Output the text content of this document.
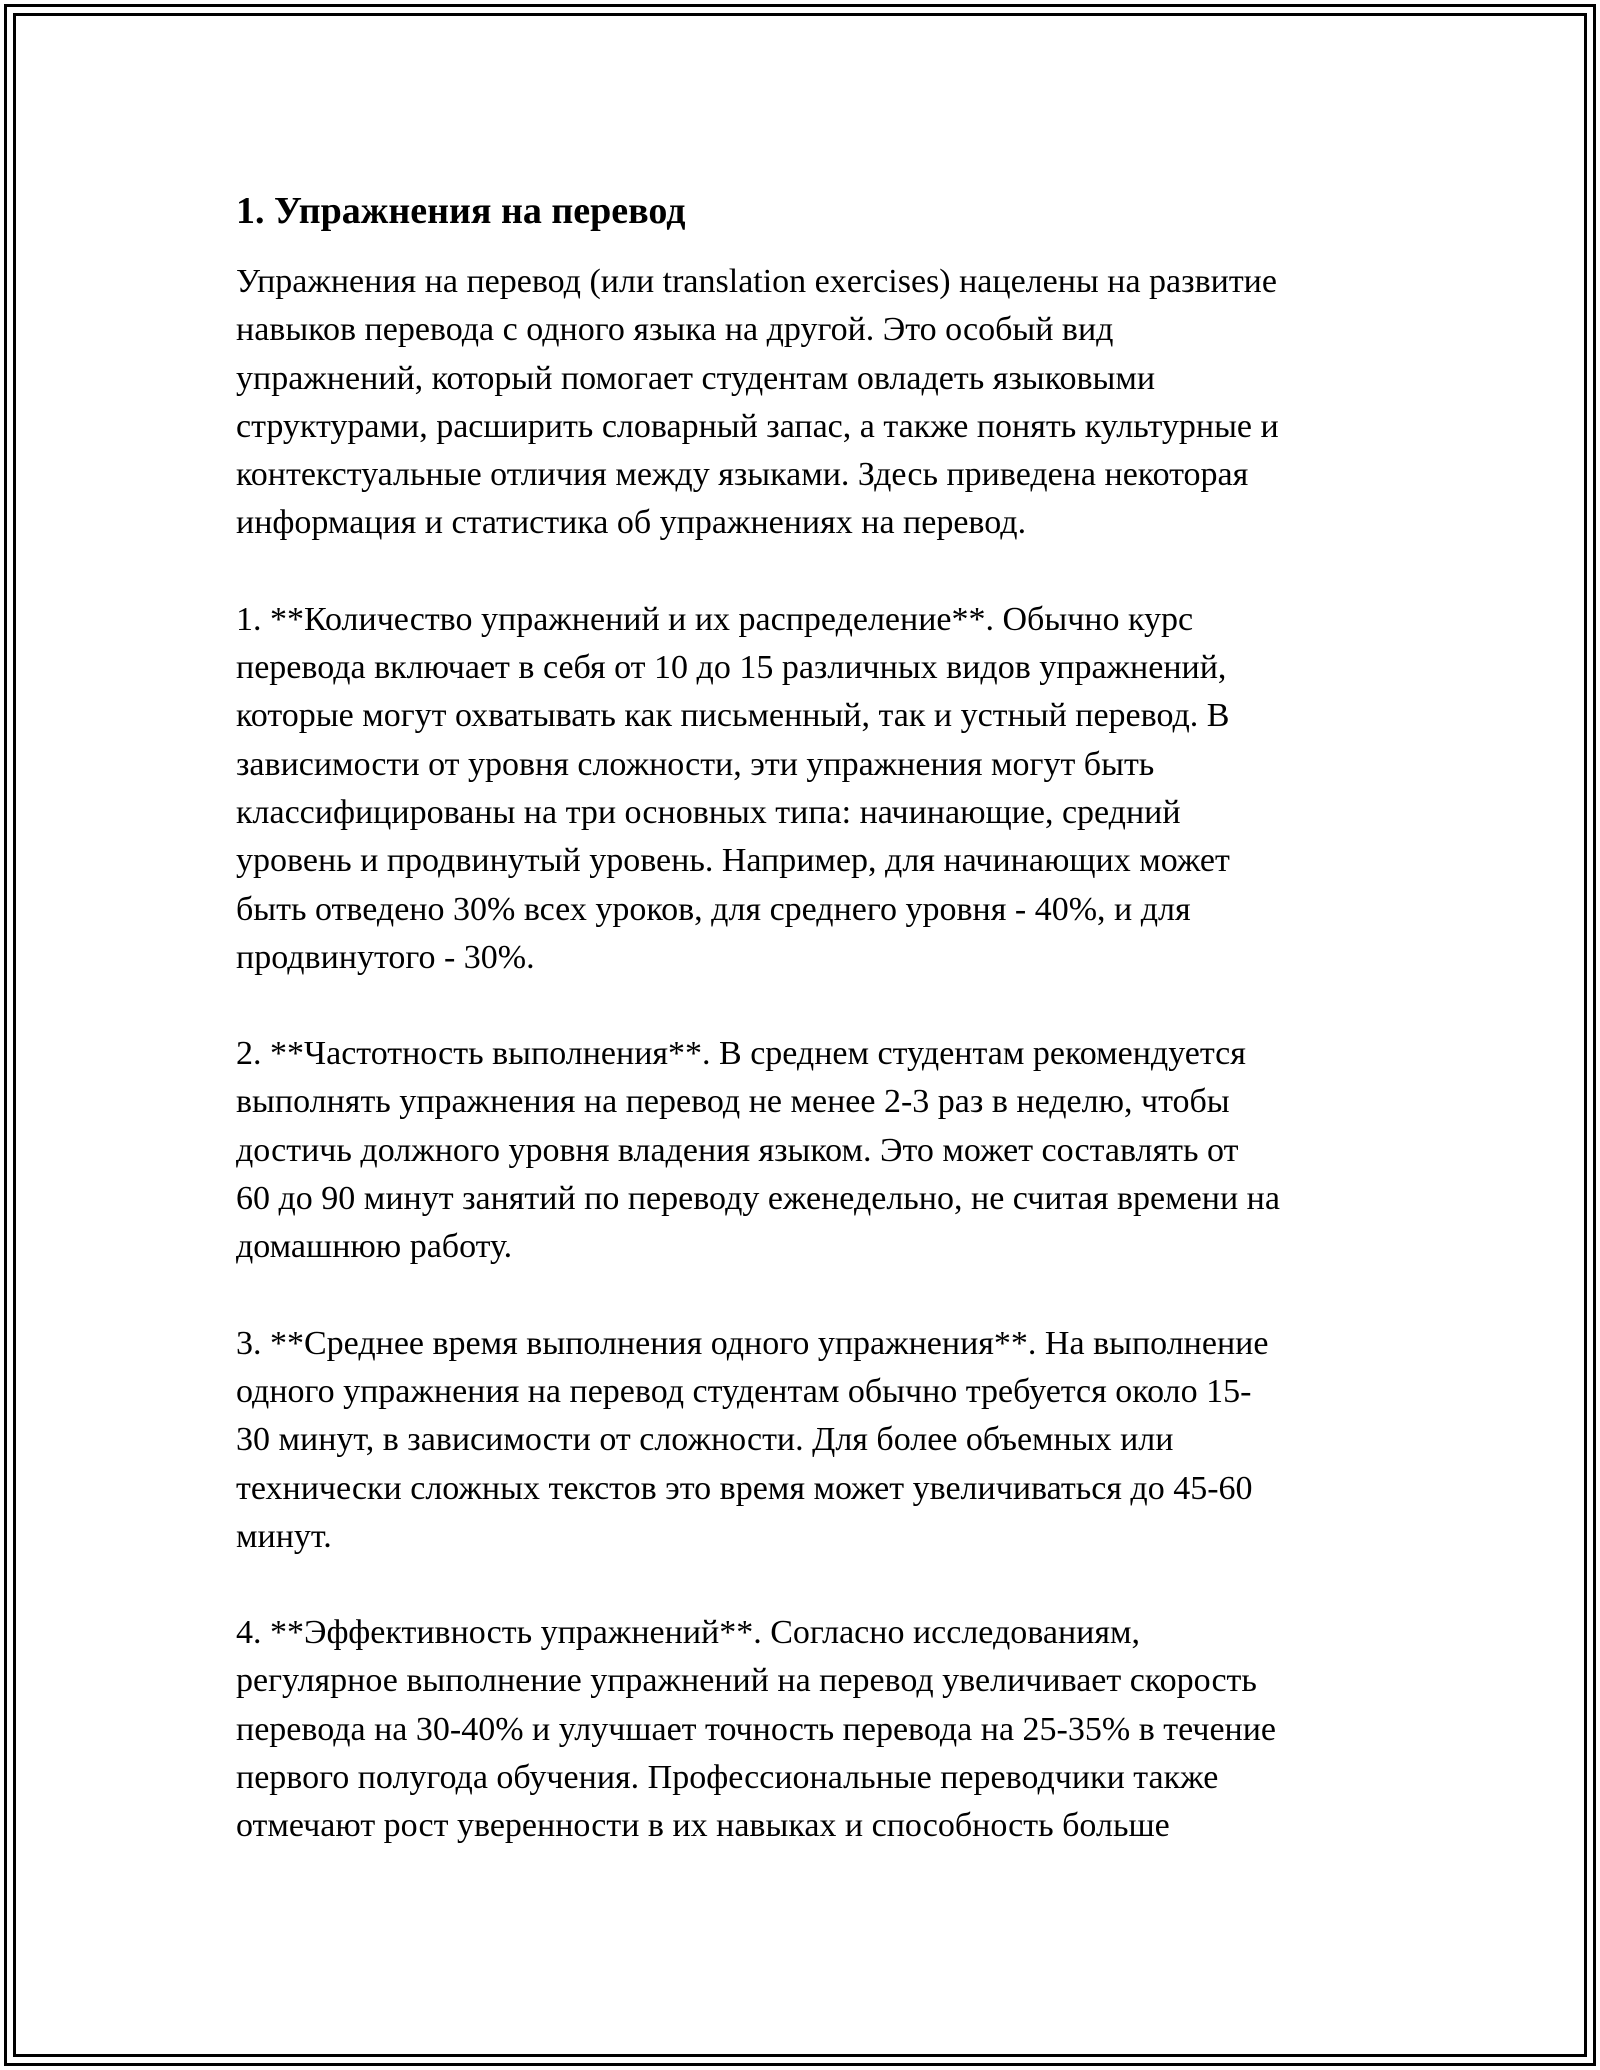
1. Упражнения на перевод

Упражнения на перевод (или translation exercises) нацелены на развитие
навыков перевода с одного языка на другой. Это особый вид
упражнений, который помогает студентам овладеть языковыми
структурами, расширить словарный запас, а также понять культурные и
контекстуальные отличия между языками. Здесь приведена некоторая
информация и статистика об упражнениях на перевод.

1. **Количество упражнений и их распределение**. Обычно курс
перевода включает в себя от 10 до 15 различных видов упражнений,
которые могут охватывать как письменный, так и устный перевод. В
зависимости от уровня сложности, эти упражнения могут быть
классифицированы на три основных типа: начинающие, средний
уровень и продвинутый уровень. Например, для начинающих может
быть отведено 30% всех уроков, для среднего уровня - 40%, и для
продвинутого - 30%.

2. **Частотность выполнения**. В среднем студентам рекомендуется
выполнять упражнения на перевод не менее 2-3 раз в неделю, чтобы
достичь должного уровня владения языком. Это может составлять от
60 до 90 минут занятий по переводу еженедельно, не считая времени на
домашнюю работу.

3. **Среднее время выполнения одного упражнения**. На выполнение
одного упражнения на перевод студентам обычно требуется около 15-
30 минут, в зависимости от сложности. Для более объемных или
технически сложных текстов это время может увеличиваться до 45-60
минут.

4. **Эффективность упражнений**. Согласно исследованиям,
регулярное выполнение упражнений на перевод увеличивает скорость
перевода на 30-40% и улучшает точность перевода на 25-35% в течение
первого полугода обучения. Профессиональные переводчики также
отмечают рост уверенности в их навыках и способность больше
